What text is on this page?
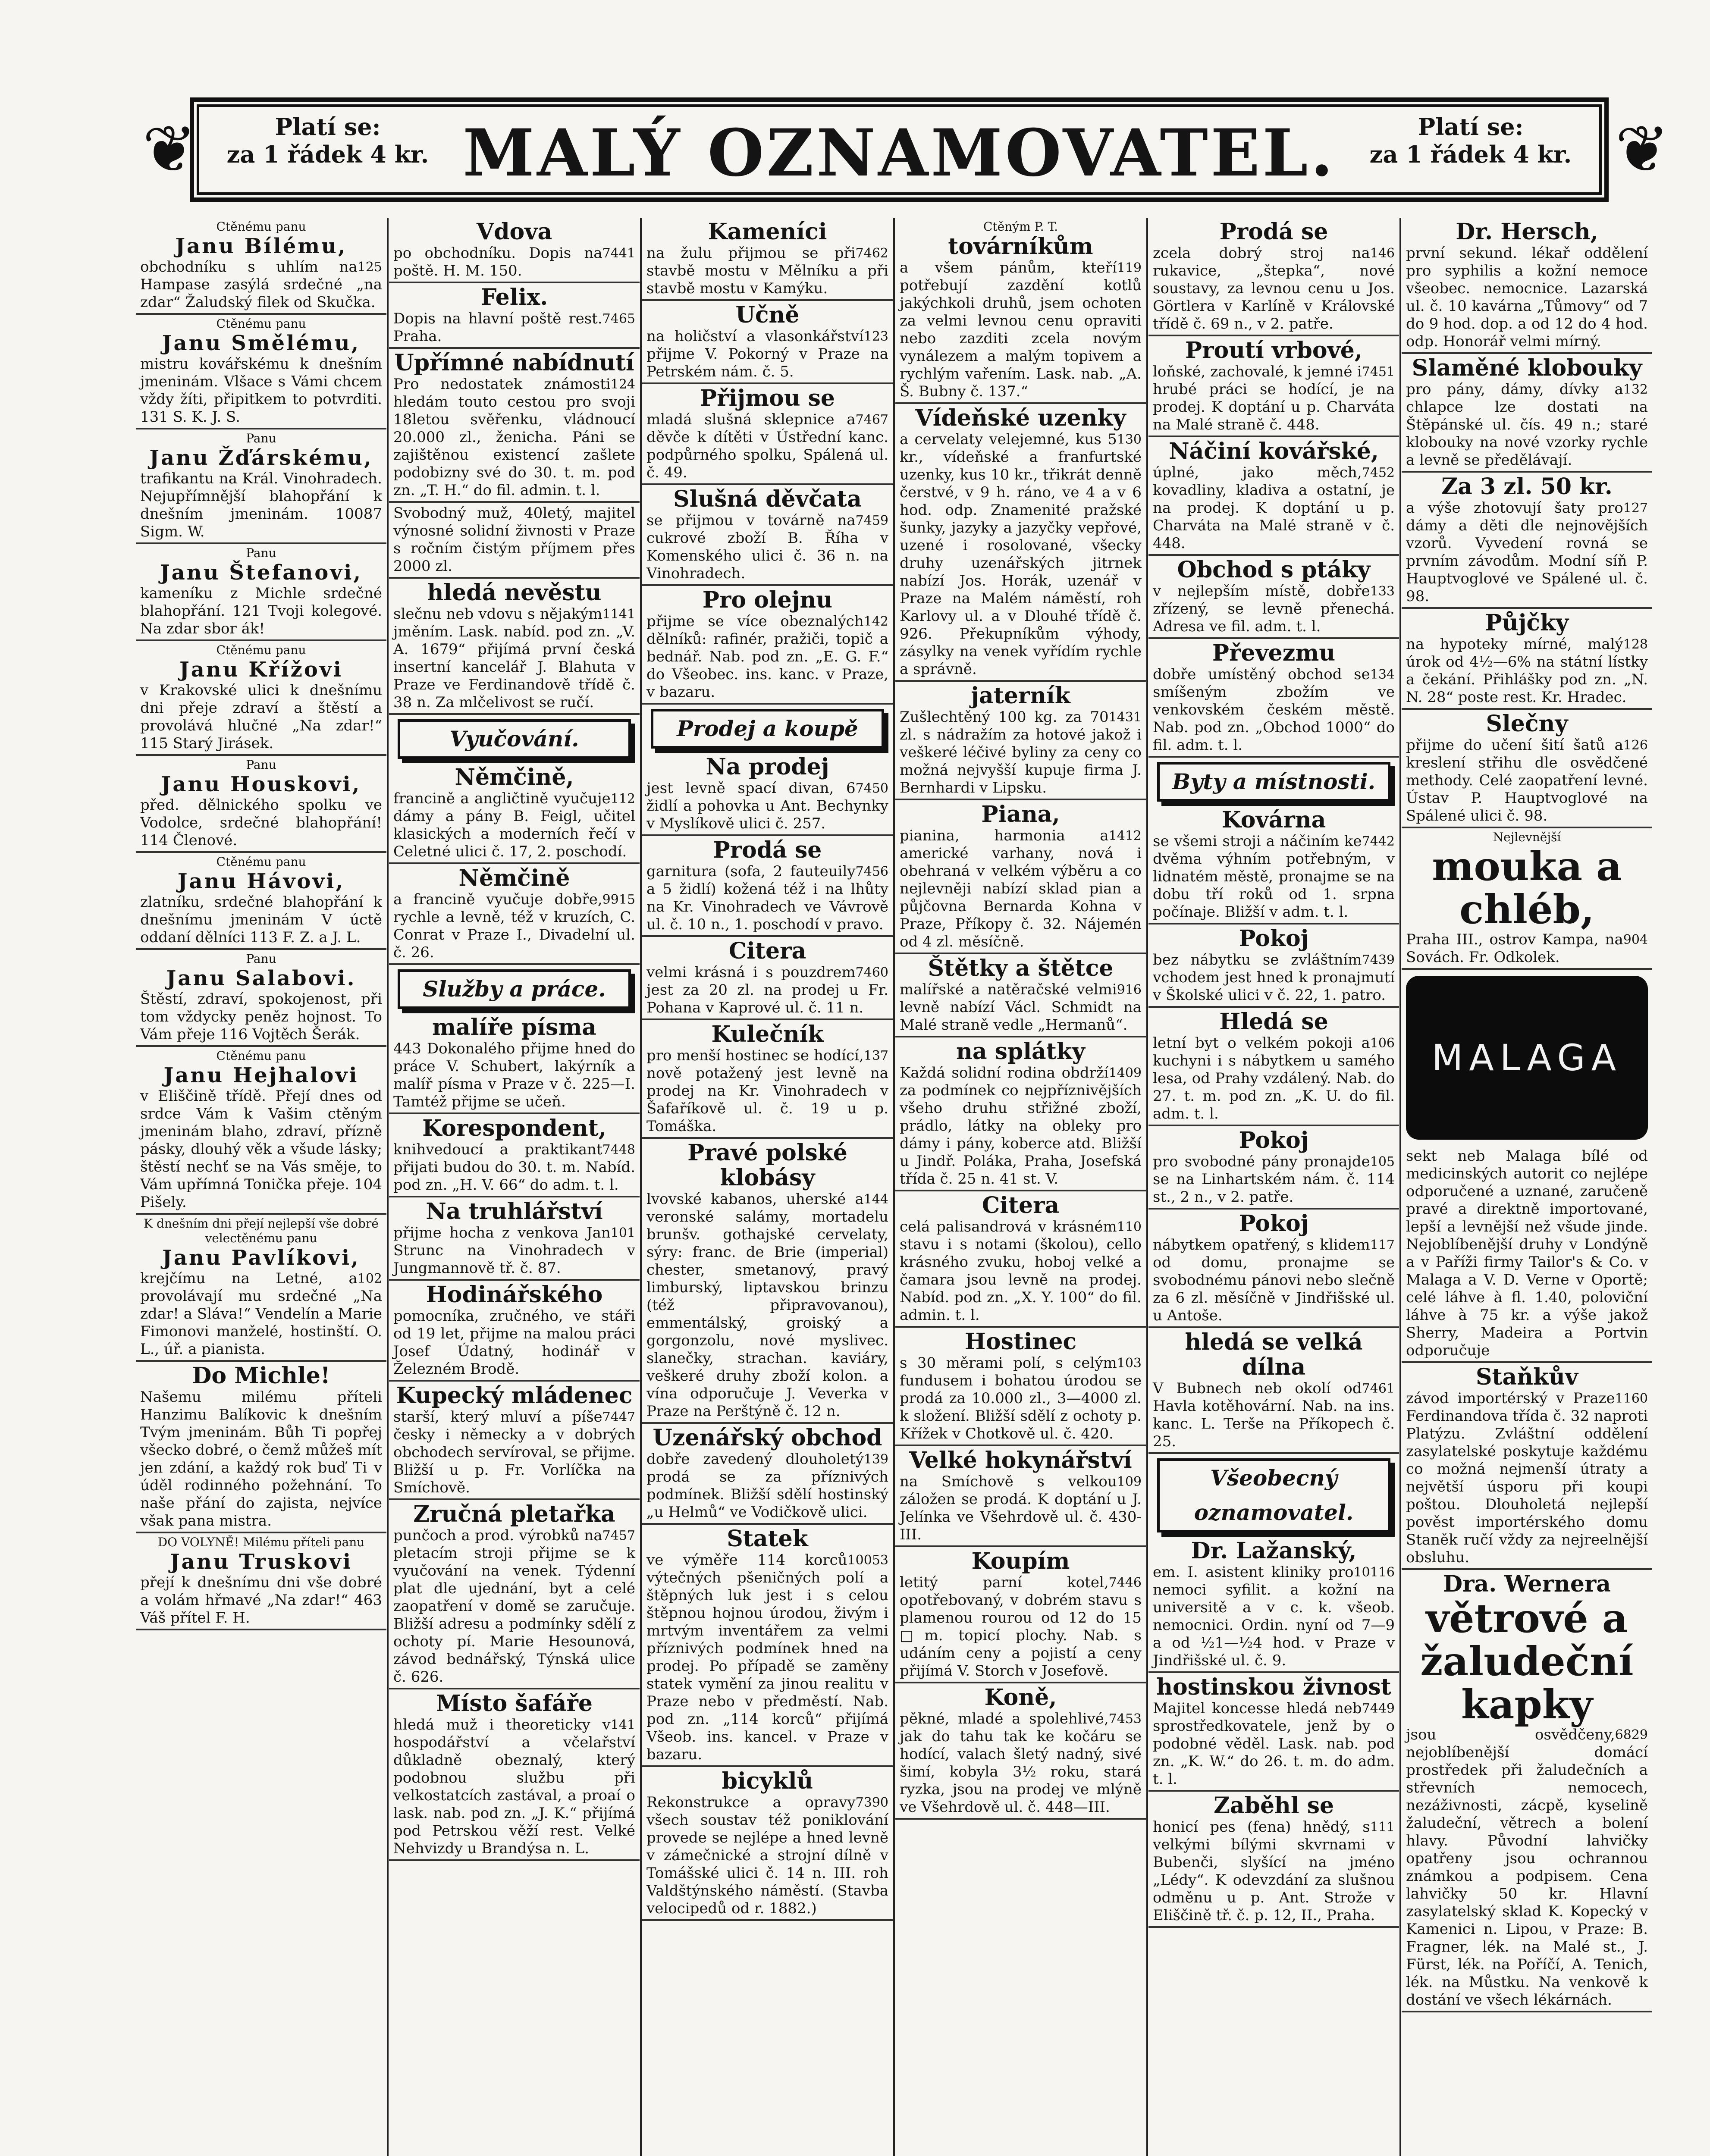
❦	Platí se:
za 1 řádek 4 kr. MALÝ OZNAMOVATEL.	Platí se:
za 1 řádek 4 kr. ❦
Ctěnému panu
Janu Bílému,
125
obchodníku s uhlím na Hampase zasýlá srdečné „na zdar“ Žaludský filek od Skučka.
Ctěnému panu
Janu Smělému,
mistru kovářskému k dnešním jmeninám. Vlšace s Vámi chcem vždy žíti, připitkem to potvrditi. 131 S. K. J. S.
Panu
Janu Žďárskému,
trafikantu na Král. Vinohradech. Nejupřímnější blahopřání k dnešním jmeninám. 10087 Sigm. W.
Panu
Janu Štefanovi,
kameníku z Michle srdečné blahopřání. 121 Tvoji kolegové. Na zdar sbor ák!
Ctěnému panu
Janu Křížovi
v Krakovské ulici k dnešnímu dni přeje zdraví a štěstí a provolává hlučné „Na zdar!“ 115 Starý Jirásek.
Panu
Janu Houskovi,
před. dělnického spolku ve Vodolce, srdečné blahopřání! 114 Členové.
Ctěnému panu
Janu Hávovi,
zlatníku, srdečné blahopřání k dnešnímu jmeninám V úctě oddaní dělníci 113 F. Z. a J. L.
Panu
Janu Salabovi.
Štěstí, zdraví, spokojenost, při tom vždycky peněz hojnost. To Vám přeje 116 Vojtěch Šerák.
Ctěnému panu
Janu Hejhalovi
v Eliščině třídě. Přejí dnes od srdce Vám k Vašim ctěným jmeninám blaho, zdraví, přízně pásky, dlouhý věk a všude lásky; štěstí nechť se na Vás směje, to Vám upřímná Tonička přeje. 104 Pišely.
K dnešním dni přejí nejlepší vše dobré velectěnému panu
Janu Pavlíkovi,
102
krejčímu na Letné, a provolávají mu srdečné „Na zdar! a Sláva!“ Vendelín a Marie Fimonovi manželé, hostinští. O. L., úř. a pianista.
Do Michle!
Našemu milému příteli Hanzimu Balíkovic k dnešním Tvým jmeninám. Bůh Ti popřej všecko dobré, o čemž můžeš mít jen zdání, a každý rok buď Ti v úděl rodinného požehnání. To naše přání do zajista, nejvíce však pana mistra.
DO VOLYNĚ! Milému příteli panu
Janu Truskovi
přejí k dnešnímu dni vše dobré a volám hřmavé „Na zdar!“ 463 Váš přítel F. H.
Vdova
7441
po obchodníku. Dopis na poště. H. M. 150.
Felix.
7465
Dopis na hlavní poště rest. Praha.
Upřímné nabídnutí
124
Pro nedostatek známosti hledám touto cestou pro svoji 18letou svěřenku, vládnoucí 20.000 zl., ženicha. Páni se zajištěnou existencí zašlete podobizny své do 30. t. m. pod zn. „T. H.“ do fil. admin. t. l.
Svobodný muž, 40letý, majitel výnosné solidní živnosti v Praze s ročním čistým příjmem přes 2000 zl.
hledá nevěstu
1141
slečnu neb vdovu s nějakým jměním. Lask. nabíd. pod zn. „V. A. 1679“ přijímá první česká insertní kancelář J. Blahuta v Praze ve Ferdinandově třídě č. 38 n. Za mlčelivost se ručí.
Vyučování.
Němčině,
112
francině a angličtině vyučuje dámy a pány B. Feigl, učitel klasických a moderních řečí v Celetné ulici č. 17, 2. poschodí.
Němčině
9915
a francině vyučuje dobře, rychle a levně, též v kruzích, C. Conrat v Praze I., Divadelní ul. č. 26.
Služby a práce.
malíře písma
443 Dokonalého přijme hned do práce V. Schubert, lakýrník a malíř písma v Praze v č. 225—I. Tamtéž přijme se učeň.
Korespondent,
7448
knihvedoucí a praktikant přijati budou do 30. t. m. Nabíd. pod zn. „H. V. 66“ do adm. t. l.
Na truhlářství
101
přijme hocha z venkova Jan Strunc na Vinohradech v Jungmannově tř. č. 87.
Hodinářského
pomocníka, zručného, ve stáři od 19 let, přijme na malou práci Josef Údatný, hodinář v Železném Brodě.
Kupecký mládenec
7447
starší, který mluví a píše česky i německy a v dobrých obchodech servíroval, se přijme. Bližší u p. Fr. Vorlíčka na Smíchově.
Zručná pletařka
7457
punčoch a prod. výrobků na pletacím stroji přijme se k vyučování na venek. Týdenní plat dle ujednání, byt a celé zaopatření v domě se zaručuje. Bližší adresu a podmínky sdělí z ochoty pí. Marie Hesounová, závod bednářský, Týnská ulice č. 626.
Místo šafáře
141
hledá muž i theoreticky v hospodářství a včelařství důkladně obeznalý, který podobnou službu při velkostatcích zastával, a proaí o lask. nab. pod zn. „J. K.“ přijímá pod Petrskou věží rest. Velké Nehvizdy u Brandýsa n. L.
Kameníci
7462
na žulu přijmou se při stavbě mostu v Mělníku a při stavbě mostu v Kamýku.
Učně
123
na holičství a vlasonkářství přijme V. Pokorný v Praze na Petrském nám. č. 5.
Přijmou se
7467
mladá slušná sklepnice a děvče k dítěti v Ústřední kanc. podpůrného spolku, Spálená ul. č. 49.
Slušná děvčata
7459
se přijmou v továrně na cukrové zboží B. Říha v Komenského ulici č. 36 n. na Vinohradech.
Pro olejnu
142
přijme se více obeznalých dělníků: rafinér, pražiči, topič a bednář. Nab. pod zn. „E. G. F.“ do Všeobec. ins. kanc. v Praze, v bazaru.
Prodej a koupě
Na prodej
7450
jest levně spací divan, 6 židlí a pohovka u Ant. Bechynky v Myslíkově ulici č. 257.
Prodá se
7456
garnitura (sofa, 2 fauteuily a 5 židlí) kožená též i na lhůty na Kr. Vinohradech ve Vávrově ul. č. 10 n., 1. poschodí v pravo.
Citera
7460
velmi krásná i s pouzdrem jest za 20 zl. na prodej u Fr. Pohana v Kaprové ul. č. 11 n.
Kulečník
137
pro menší hostinec se hodící, nově potažený jest levně na prodej na Kr. Vinohradech v Šafaříkově ul. č. 19 u p. Tomáška.
Pravé polské klobásy
144
lvovské kabanos, uherské a veronské salámy, mortadelu brunšv. gothajské cervelaty, sýry: franc. de Brie (imperial) chester, smetanový, pravý limburský, liptavskou brinzu (též připravovanou), emmentálský, groiský a gorgonzolu, nové myslivec. slanečky, strachan. kaviáry, veškeré druhy zboží kolon. a vína odporučuje J. Veverka v Praze na Perštýně č. 12 n.
Uzenářský obchod
139
dobře zavedený dlouholetý prodá se za příznivých podmínek. Bližší sdělí hostinský „u Helmů“ ve Vodičkově ulici.
Statek
10053
ve výměře 114 korců výtečných pšeničných polí a štěpných luk jest i s celou štěpnou hojnou úrodou, živým i mrtvým inventářem za velmi příznivých podmínek hned na prodej. Po případě se zaměny statek vymění za jinou realitu v Praze nebo v předměstí. Nab. pod zn. „114 korců“ přijímá Všeob. ins. kancel. v Praze v bazaru.
bicyklů
7390
Rekonstrukce a opravy všech soustav též poniklování provede se nejlépe a hned levně v zámečnické a strojní dílně v Tomášské ulici č. 14 n. III. roh Valdštýnského náměstí. (Stavba velocipedů od r. 1882.)
Ctěným P. T.
továrníkům
119
a všem pánům, kteří potřebují zazdění kotlů jakýchkoli druhů, jsem ochoten za velmi levnou cenu opraviti nebo zazditi zcela novým vynálezem a malým topivem a rychlým vařením. Lask. nab. „A. Š. Bubny č. 137.“
Vídeňské uzenky
130
a cervelaty velejemné, kus 5 kr., vídeňské a franfurtské uzenky, kus 10 kr., třikrát denně čerstvé, v 9 h. ráno, ve 4 a v 6 hod. odp. Znamenité pražské šunky, jazyky a jazyčky vepřové, uzené i rosolované, všecky druhy uzenářských jitrnek nabízí Jos. Horák, uzenář v Praze na Malém náměstí, roh Karlovy ul. a v Dlouhé třídě č. 926. Překupníkům výhody, zásylky na venek vyřídím rychle a správně.
jaterník
1431
Zušlechtěný 100 kg. za 70 zl. s nádražím za hotové jakož i veškeré léčivé byliny za ceny co možná nejvyšší kupuje firma J. Bernhardi v Lipsku.
Piana,
1412
pianina, harmonia a americké varhany, nová i obehraná v velkém výběru a co nejlevněji nabízí sklad pian a půjčovna Bernarda Kohna v Praze, Příkopy č. 32. Nájemén od 4 zl. měsíčně.
Štětky a štětce
916
malířské a natěračské velmi levně nabízí Václ. Schmidt na Malé straně vedle „Hermanů“.
na splátky
1409
Každá solidní rodina obdrží za podmínek co nejpříznivějších všeho druhu střižné zboží, prádlo, látky na obleky pro dámy i pány, koberce atd. Bližší u Jindř. Poláka, Praha, Josefská třída č. 25 n. 41 st. V.
Citera
110
celá palisandrová v krásném stavu i s notami (školou), cello krásného zvuku, hoboj velké a čamara jsou levně na prodej. Nabíd. pod zn. „X. Y. 100“ do fil. admin. t. l.
Hostinec
103
s 30 měrami polí, s celým fundusem i bohatou úrodou se prodá za 10.000 zl., 3—4000 zl. k složení. Bližší sdělí z ochoty p. Křížek v Chotkově ul. č. 420.
Velké hokynářství
109
na Smíchově s velkou záložen se prodá. K doptání u J. Jelínka ve Všehrdově ul. č. 430-III.
Koupím
7446
letitý parní kotel, opotřebovaný, v dobrém stavu s plamenou rourou od 12 do 15 □m. topicí plochy. Nab. s udáním ceny a pojistí a ceny přijímá V. Storch v Josefově.
Koně,
7453
pěkné, mladé a spolehlivé, jak do tahu tak ke kočáru se hodící, valach šletý nadný, sivé šimí, kobyla 3½ roku, stará ryzka, jsou na prodej ve mlýně ve Všehrdově ul. č. 448—III.
Prodá se
146
zcela dobrý stroj na rukavice, „štepka“, nové soustavy, za levnou cenu u Jos. Görtlera v Karlíně v Královské třídě č. 69 n., v 2. patře.
Proutí vrbové,
7451
loňské, zachovalé, k jemné i hrubé práci se hodící, je na prodej. K doptání u p. Charváta na Malé straně č. 448.
Náčiní kovářské,
7452
úplné, jako měch, kovadliny, kladiva a ostatní, je na prodej. K doptání u p. Charváta na Malé straně v č. 448.
Obchod s ptáky
133
v nejlepším místě, dobře zřízený, se levně přenechá. Adresa ve fil. adm. t. l.
Převezmu
134
dobře umístěný obchod se smíšeným zbožím ve venkovském českém městě. Nab. pod zn. „Obchod 1000“ do fil. adm. t. l.
Byty a místnosti.
Kovárna
7442
se všemi stroji a náčiním ke dvěma výhním potřebným, v lidnatém městě, pronajme se na dobu tří roků od 1. srpna počínaje. Bližší v adm. t. l.
Pokoj
7439
bez nábytku se zvláštním vchodem jest hned k pronajmutí v Školské ulici v č. 22, 1. patro.
Hledá se
106
letní byt o velkém pokoji a kuchyni i s nábytkem u samého lesa, od Prahy vzdálený. Nab. do 27. t. m. pod zn. „K. U. do fil. adm. t. l.
Pokoj
105
pro svobodné pány pronajde se na Linhartském nám. č. 114 st., 2 n., v 2. patře.
Pokoj
117
nábytkem opatřený, s klidem od domu, pronajme se svobodnému pánovi nebo slečně za 6 zl. měsíčně v Jindřišské ul. u Antoše.
hledá se velká dílna
7461
V Bubnech neb okolí od Havla kotěhovární. Nab. na ins. kanc. L. Terše na Příkopech č. 25.
Všeobecný oznamovatel.
Dr. Lažanský,
10116
em. I. asistent kliniky pro nemoci syfilit. a kožní na universitě a v c. k. všeob. nemocnici. Ordin. nyní od 7—9 a od ½1—½4 hod. v Praze v Jindřišské ul. č. 9.
hostinskou živnost
7449
Majitel koncesse hledá neb sprostředkovatele, jenž by o podobné věděl. Lask. nab. pod zn. „K. W.“ do 26. t. m. do adm. t. l.
Zaběhl se
111
honicí pes (fena) hnědý, s velkými bílými skvrnami v Bubenči, slyšící na jméno „Lédy“. K odevzdání za slušnou odměnu u p. Ant. Strože v Eliščině tř. č. p. 12, II., Praha.
Dr. Hersch,
první sekund. lékař oddělení pro syphilis a kožní nemoce všeobec. nemocnice. Lazarská ul. č. 10 kavárna „Tůmovy“ od 7 do 9 hod. dop. a od 12 do 4 hod. odp. Honorář velmi mírný.
Slaměné klobouky
132
pro pány, dámy, dívky a chlapce lze dostati na Štěpánské ul. čís. 49 n.; staré klobouky na nové vzorky rychle a levně se předělávají.
Za 3 zl. 50 kr.
127
a výše zhotovují šaty pro dámy a děti dle nejnovějších vzorů. Vyvedení rovná se prvním závodům. Modní síň P. Hauptvoglové ve Spálené ul. č. 98.
Půjčky
128
na hypoteky mírné, malý úrok od 4½—6% na státní lístky a čekání. Přihlášky pod zn. „N. N. 28“ poste rest. Kr. Hradec.
Slečny
126
přijme do učení šití šatů a kreslení střihu dle osvědčené methody. Celé zaopatření levné. Ústav P. Hauptvoglové na Spálené ulici č. 98.
Nejlevnější
mouka a chléb,
904
Praha III., ostrov Kampa, na Sovách. Fr. Odkolek.
MALAGA
sekt neb Malaga bílé od medicinských autorit co nejlépe odporučené a uznané, zaručeně pravé a direktně importované, lepší a levnější než všude jinde. Nejoblíbenější druhy v Londýně a v Paříži firmy Tailor's & Co. v Malaga a V. D. Verne v Oportě; celé láhve à fl. 1.40, poloviční láhve à 75 kr. a výše jakož Sherry, Madeira a Portvin odporučuje
Staňkův
1160
závod importérský v Praze Ferdinandova třída č. 32 naproti Platýzu. Zvláštní oddělení zasylatelské poskytuje každému co možná nejmenší útraty a největší úsporu při koupi poštou. Dlouholetá nejlepší pověst importérského domu Staněk ručí vždy za nejreelnější obsluhu.
Dra. Wernera
větrové a žaludeční kapky
6829
jsou osvědčeny, nejoblíbenější domácí prostředek při žaludečních a střevních nemocech, nezáživnosti, zácpě, kyselině žaludeční, větrech a bolení hlavy. Původní lahvičky opatřeny jsou ochrannou známkou a podpisem. Cena lahvičky 50 kr. Hlavní zasylatelský sklad K. Kopecký v Kamenici n. Lipou, v Praze: B. Fragner, lék. na Malé st., J. Fürst, lék. na Poříčí, A. Tenich, lék. na Můstku. Na venkově k dostání ve všech lékárnách.
